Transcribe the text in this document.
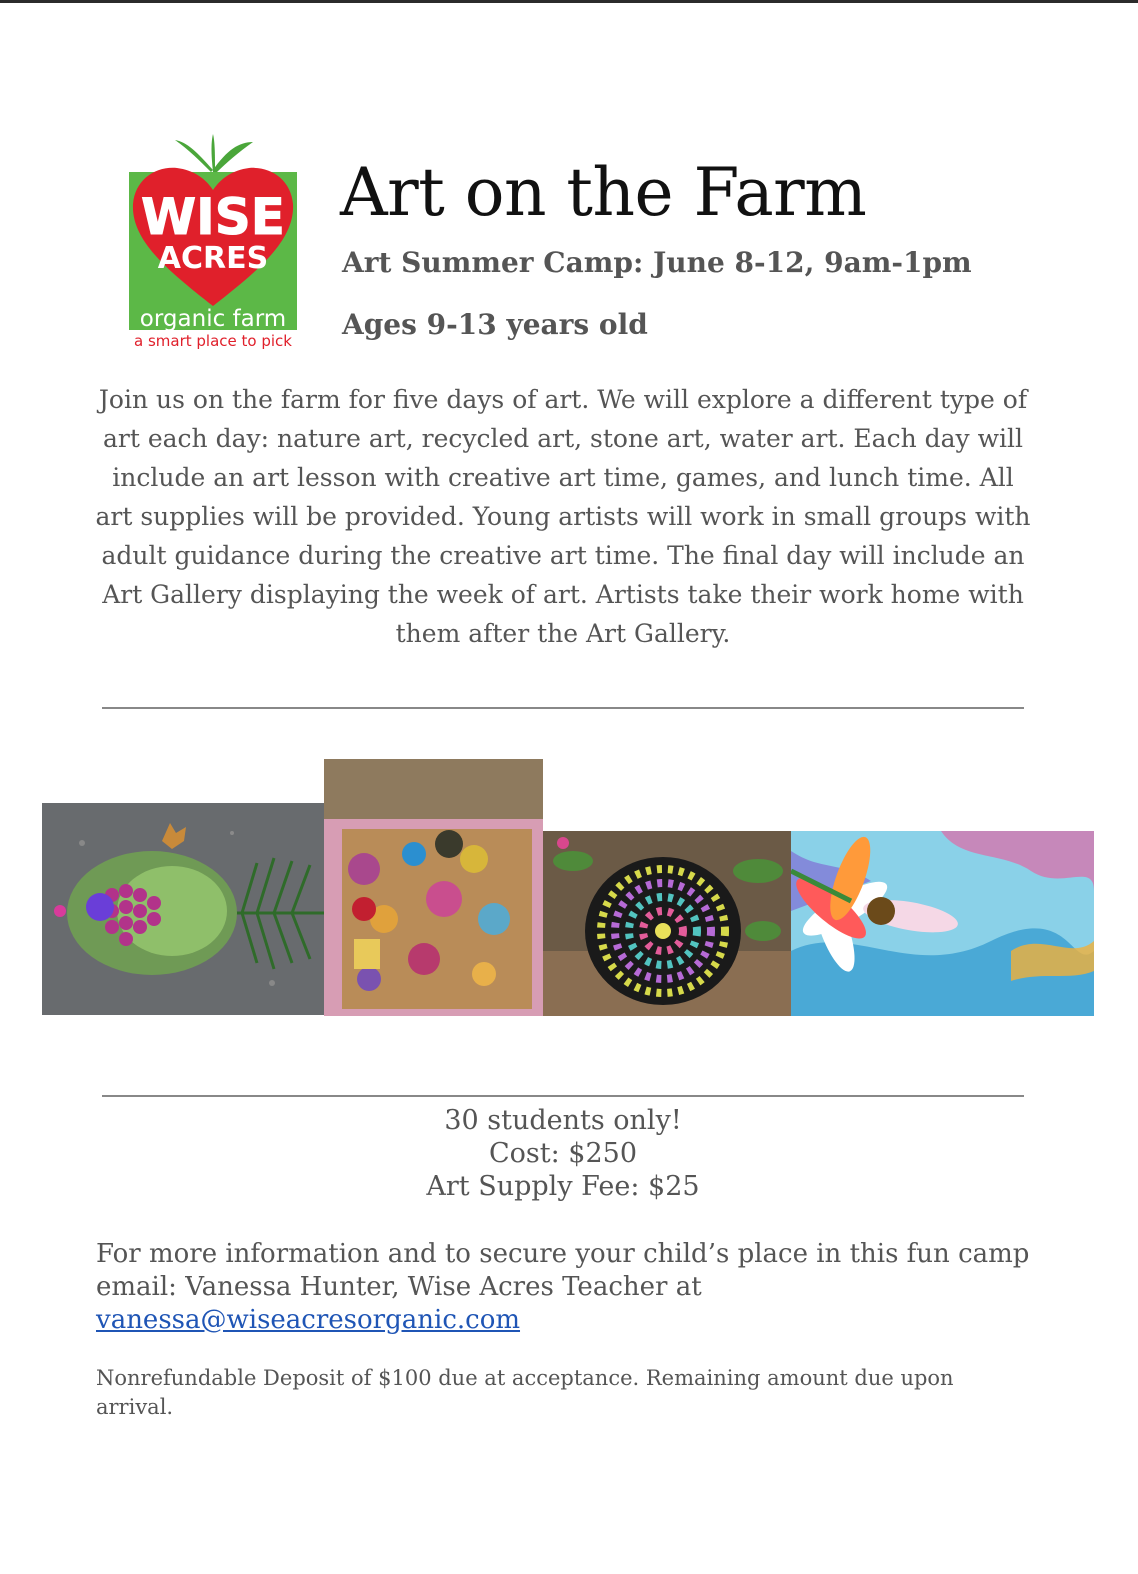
WISE
ACRES
organic farm
a smart place to pick
Art on the Farm
Art Summer Camp: June 8-12, 9am-1pm
Ages 9-13 years old

Join us on the farm for five days of art. We will explore a different type of art each day: nature art, recycled art, stone art, water art. Each day will include an art lesson with creative art time, games, and lunch time. All art supplies will be provided. Young artists will work in small groups with adult guidance during the creative art time. The final day will include an Art Gallery displaying the week of art. Artists take their work home with them after the Art Gallery.

30 students only!
Cost: $250
Art Supply Fee: $25
For more information and to secure your child’s place in this fun camp email: Vanessa Hunter, Wise Acres Teacher at
vanessa@wiseacresorganic.com
Nonrefundable Deposit of $100 due at acceptance. Remaining amount due upon arrival.
